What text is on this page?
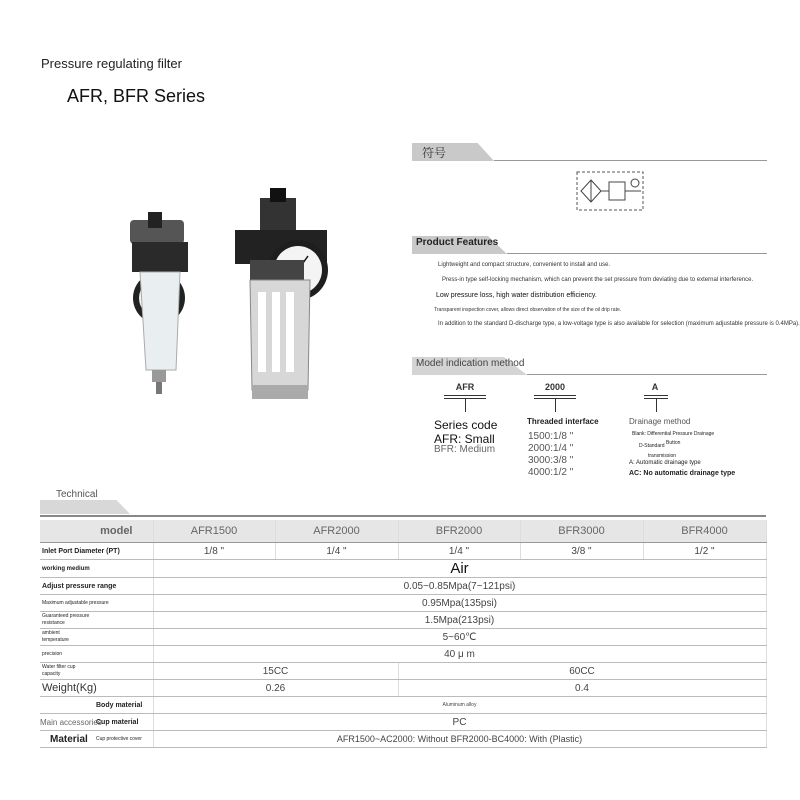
Pressure regulating filter
AFR, BFR Series
符号
Product Features
Lightweight and compact structure, convenient to install and use.
Press-in type self-locking mechanism, which can prevent the set pressure from deviating due to external interference.
Low pressure loss, high water distribution efficiency.
Transparent inspection cover, allows direct observation of the size of the oil drip rate.
In addition to the standard D-discharge type, a low-voltage type is also available for selection (maximum adjustable pressure is 0.4MPa).
Model indication method
AFR	2000	A
Series code
AFR: Small
BFR: Medium
Threaded interface
1500:1/8 "
2000:1/4 "
3000:3/8 "
4000:1/2 "
Drainage method
Blank: Differential Pressure Drainage
D-Standard Button
transmission
A: Automatic drainage type
AC: No automatic drainage type
Technical
model	AFR1500	AFR2000	BFR2000	BFR3000	BFR4000
Inlet Port Diameter (PT)	1/8 "	1/4 "	1/4 "	3/8 "	1/2 "
working medium	Air				
Adjust pressure range	0.05~0.85Mpa(7~121psi)				
Maximum adjustable pressure	0.95Mpa(135psi)				

Guaranteed pressure
resistance	1.5Mpa(213psi)				

ambient
temperature	5~60℃				
precision	40 μ m				

Water filter cup
capacity	15CC		60CC		
Weight(Kg)	0.26		0.4		

Body material	Aluminum alloy				

Main accessories
Cup material	PC				

Material Cup protective cover	AFR1500~AC2000: Without BFR2000-BC4000: With (Plastic)				
